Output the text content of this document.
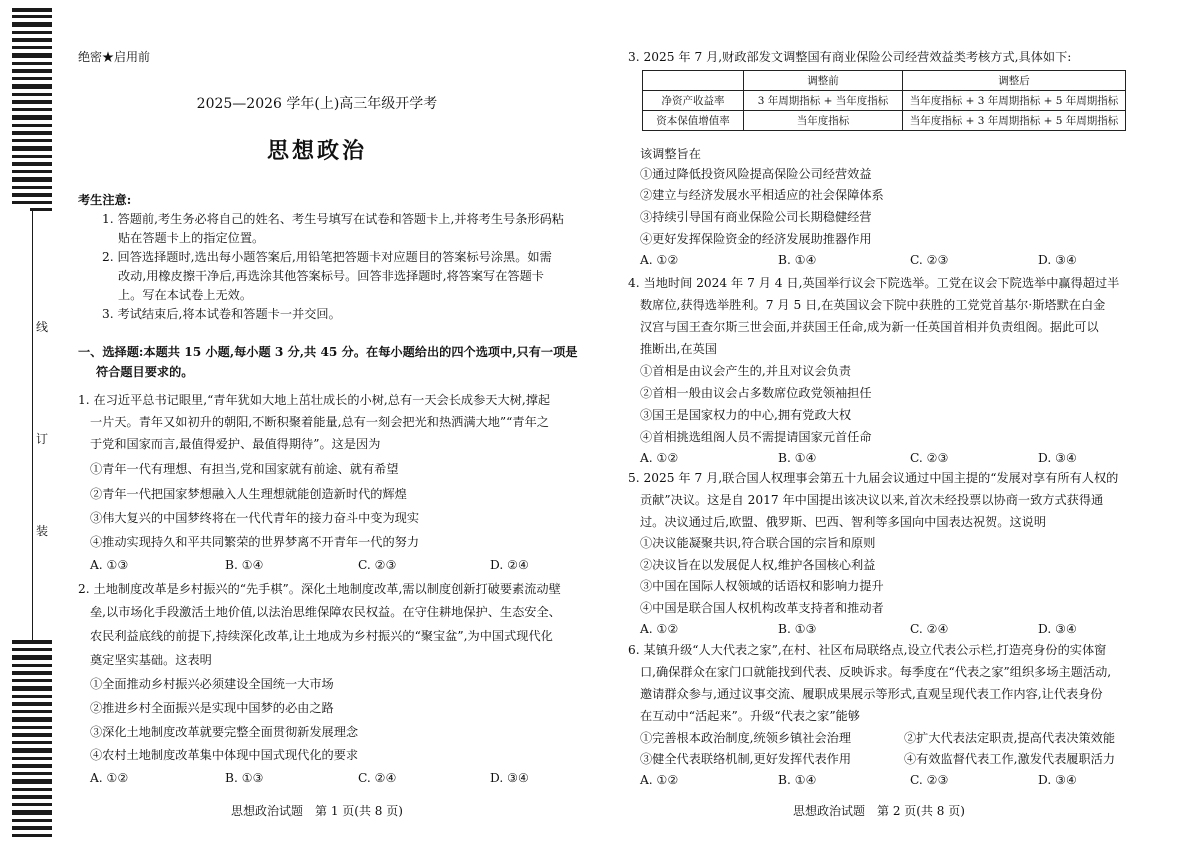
线
订
装
绝密★启用前
2025—2026 学年(上)高三年级开学考
思想政治
考生注意:
1. 答题前,考生务必将自己的姓名、考生号填写在试卷和答题卡上,并将考生号条形码粘
贴在答题卡上的指定位置。
2. 回答选择题时,选出每小题答案后,用铅笔把答题卡对应题目的答案标号涂黑。如需
改动,用橡皮擦干净后,再选涂其他答案标号。回答非选择题时,将答案写在答题卡
上。写在本试卷上无效。
3. 考试结束后,将本试卷和答题卡一并交回。
一、选择题:本题共 15 小题,每小题 3 分,共 45 分。在每小题给出的四个选项中,只有一项是
符合题目要求的。
1. 在习近平总书记眼里,“青年犹如大地上茁壮成长的小树,总有一天会长成参天大树,撑起
一片天。青年又如初升的朝阳,不断积聚着能量,总有一刻会把光和热洒满大地”“青年之
于党和国家而言,最值得爱护、最值得期待”。这是因为
①青年一代有理想、有担当,党和国家就有前途、就有希望
②青年一代把国家梦想融入人生理想就能创造新时代的辉煌
③伟大复兴的中国梦终将在一代代青年的接力奋斗中变为现实
④推动实现持久和平共同繁荣的世界梦离不开青年一代的努力
A. ①③	B. ①④	C. ②③	D. ②④
2. 土地制度改革是乡村振兴的“先手棋”。深化土地制度改革,需以制度创新打破要素流动壁
垒,以市场化手段激活土地价值,以法治思维保障农民权益。在守住耕地保护、生态安全、
农民利益底线的前提下,持续深化改革,让土地成为乡村振兴的“聚宝盆”,为中国式现代化
奠定坚实基础。这表明
①全面推动乡村振兴必须建设全国统一大市场
②推进乡村全面振兴是实现中国梦的必由之路
③深化土地制度改革就要完整全面贯彻新发展理念
④农村土地制度改革集中体现中国式现代化的要求
A. ①②	B. ①③	C. ②④	D. ③④
思想政治试题　第 1 页(共 8 页)
3. 2025 年 7 月,财政部发文调整国有商业保险公司经营效益类考核方式,具体如下:
	调整前	调整后
净资产收益率	3 年周期指标 + 当年度指标	当年度指标 + 3 年周期指标 + 5 年周期指标
资本保值增值率	当年度指标	当年度指标 + 3 年周期指标 + 5 年周期指标
该调整旨在
①通过降低投资风险提高保险公司经营效益
②建立与经济发展水平相适应的社会保障体系
③持续引导国有商业保险公司长期稳健经营
④更好发挥保险资金的经济发展助推器作用
A. ①②	B. ①④	C. ②③	D. ③④
4. 当地时间 2024 年 7 月 4 日,英国举行议会下院选举。工党在议会下院选举中赢得超过半
数席位,获得选举胜利。7 月 5 日,在英国议会下院中获胜的工党党首基尔·斯塔默在白金
汉宫与国王查尔斯三世会面,并获国王任命,成为新一任英国首相并负责组阁。据此可以
推断出,在英国
①首相是由议会产生的,并且对议会负责
②首相一般由议会占多数席位政党领袖担任
③国王是国家权力的中心,拥有党政大权
④首相挑选组阁人员不需提请国家元首任命
A. ①②	B. ①④	C. ②③	D. ③④
5. 2025 年 7 月,联合国人权理事会第五十九届会议通过中国主提的“发展对享有所有人权的
贡献”决议。这是自 2017 年中国提出该决议以来,首次未经投票以协商一致方式获得通
过。决议通过后,欧盟、俄罗斯、巴西、智利等多国向中国表达祝贺。这说明
①决议能凝聚共识,符合联合国的宗旨和原则
②决议旨在以发展促人权,维护各国核心利益
③中国在国际人权领域的话语权和影响力提升
④中国是联合国人权机构改革支持者和推动者
A. ①②	B. ①③	C. ②④	D. ③④
6. 某镇升级“人大代表之家”,在村、社区布局联络点,设立代表公示栏,打造亮身份的实体窗
口,确保群众在家门口就能找到代表、反映诉求。每季度在“代表之家”组织多场主题活动,
邀请群众参与,通过议事交流、履职成果展示等形式,直观呈现代表工作内容,让代表身份
在互动中“活起来”。升级“代表之家”能够
①完善根本政治制度,统领乡镇社会治理	②扩大代表法定职责,提高代表决策效能
③健全代表联络机制,更好发挥代表作用	④有效监督代表工作,激发代表履职活力
A. ①②	B. ①④	C. ②③	D. ③④
思想政治试题　第 2 页(共 8 页)
